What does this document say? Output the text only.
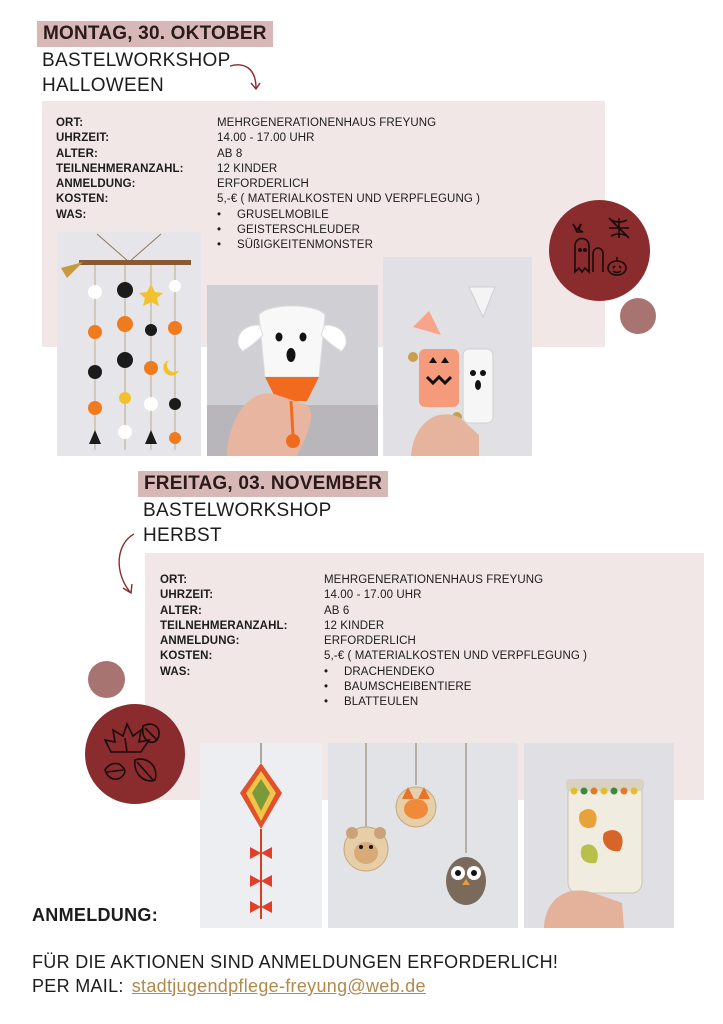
MONTAG, 30. OKTOBER
BASTELWORKSHOP
HALLOWEEN
ORT:	MEHRGENERATIONENHAUS FREYUNG
UHRZEIT:	14.00 - 17.00 UHR
ALTER:	AB 8
TEILNEHMERANZAHL:	12 KINDER
ANMELDUNG:	ERFORDERLICH
KOSTEN:	5,-€ ( MATERIALKOSTEN UND VERPFLEGUNG )
WAS:	• GRUSELMOBILE
• GEISTERSCHLEUDER
• SÜßIGKEITENMONSTER
FREITAG, 03. NOVEMBER
BASTELWORKSHOP
HERBST
ORT:	MEHRGENERATIONENHAUS FREYUNG
UHRZEIT:	14.00 - 17.00 UHR
ALTER:	AB 6
TEILNEHMERANZAHL:	12 KINDER
ANMELDUNG:	ERFORDERLICH
KOSTEN:	5,-€ ( MATERIALKOSTEN UND VERPFLEGUNG )
WAS:	• DRACHENDEKO
• BAUMSCHEIBENTIERE
• BLATTEULEN
ANMELDUNG:
FÜR DIE AKTIONEN SIND ANMELDUNGEN ERFORDERLICH!
PER MAIL: stadtjugendpflege-freyung@web.de
